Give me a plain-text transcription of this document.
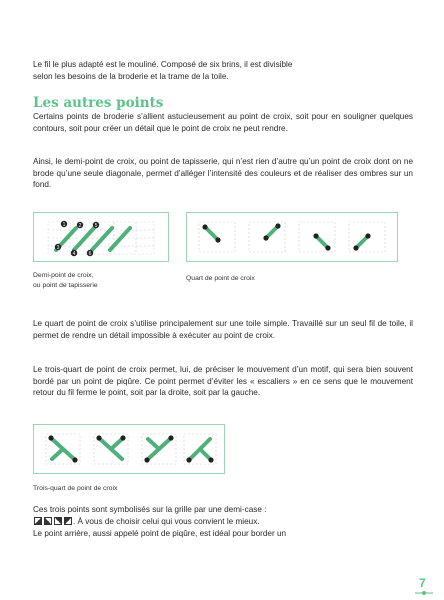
Le fil le plus adapté est le mouliné. Composé de six brins, il est divisible

selon les besoins de la broderie et la trame de la toile.

Les autres points

Certains points de broderie s’allient astucieusement au point de croix, soit pour en souligner quelques contours, soit pour créer un détail que le point de croix ne peut rendre.

Ainsi, le demi-point de croix, ou point de tapisserie, qui n’est rien d’autre qu’un point de croix dont on ne brode qu’une seule diagonale, permet d’alléger l’intensité des couleurs et de réaliser des ombres sur un fond.

1	2
3
4
5
6

Demi-point de croix,

ou point de tapisserie

Quart de point de croix

Le quart de point de croix s’utilise principalement sur une toile simple. Travaillé sur un seul fil de toile, il permet de rendre un détail impossible à exécuter au point de croix.

Le trois-quart de point de croix permet, lui, de préciser le mouvement d’un motif, qui sera bien souvent bordé par un point de piqûre. Ce point permet d’éviter les « escaliers » en ce sens que le mouvement retour du fil ferme le point, soit par la droite, soit par la gauche.

Trois-quart de point de croix

Ces trois points sont symbolisés sur la grille par une demi-case :

. À vous de choisir celui qui vous convient le mieux.

Le point arrière, aussi appelé point de piqûre, est idéal pour border un

7
